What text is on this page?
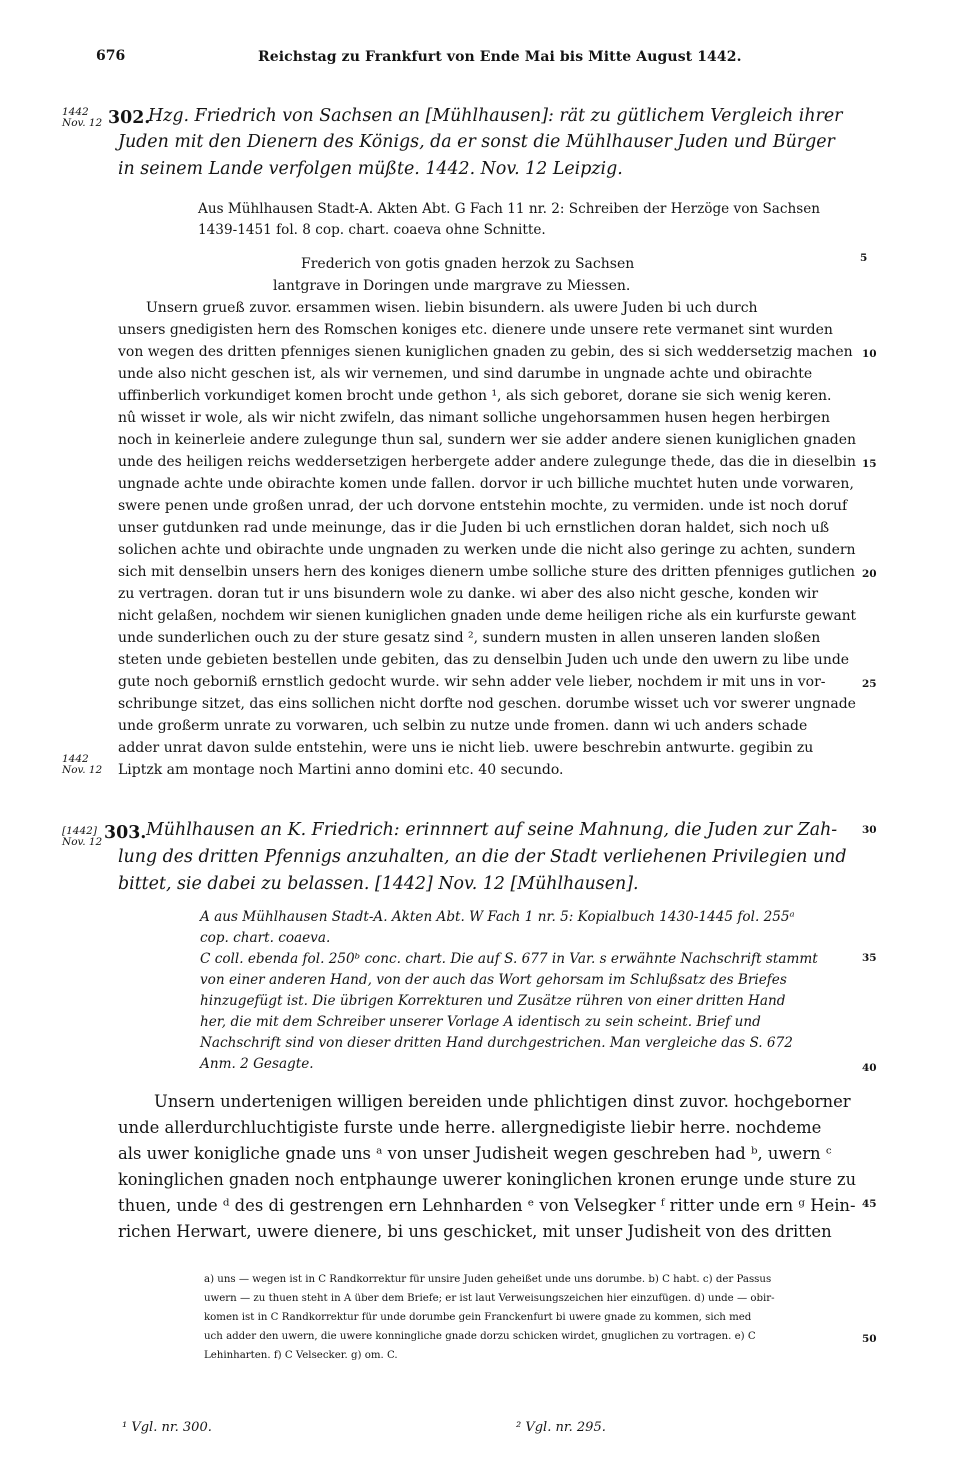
676	Reichstag zu Frankfurt von Ende Mai bis Mitte August 1442.
1442
Nov. 12 302.
Hzg. Friedrich von Sachsen an [Mühlhausen]: rät zu gütlichem Vergleich ihrer
Juden mit den Dienern des Königs, da er sonst die Mühlhauser Juden und Bürger
in seinem Lande verfolgen müßte. 1442. Nov. 12 Leipzig.
Aus Mühlhausen Stadt-A. Akten Abt. G Fach 11 nr. 2: Schreiben der Herzöge von Sachsen
1439-1451 fol. 8 cop. chart. coaeva ohne Schnitte.
Frederich von gotis gnaden herzok zu Sachsen
lantgrave in Doringen unde margrave zu Miessen.
Unsern grueß zuvor. ersammen wisen. liebin bisundern. als uwere Juden bi uch durch
unsers gnedigisten hern des Romschen koniges etc. dienere unde unsere rete vermanet sint wurden
von wegen des dritten pfenniges sienen kuniglichen gnaden zu gebin, des si sich weddersetzig machen
unde also nicht geschen ist, als wir vernemen, und sind darumbe in ungnade achte und obirachte
uffinberlich vorkundiget komen brocht unde gethon ¹, als sich geboret, dorane sie sich wenig keren.
nû wisset ir wole, als wir nicht zwifeln, das nimant solliche ungehorsammen husen hegen herbirgen
noch in keinerleie andere zulegunge thun sal, sundern wer sie adder andere sienen kuniglichen gnaden
unde des heiligen reichs weddersetzigen herbergete adder andere zulegunge thede, das die in dieselbin
ungnade achte unde obirachte komen unde fallen. dorvor ir uch billiche muchtet huten unde vorwaren,
swere penen unde großen unrad, der uch dorvone entstehin mochte, zu vermiden. unde ist noch doruf
unser gutdunken rad unde meinunge, das ir die Juden bi uch ernstlichen doran haldet, sich noch uß
solichen achte und obirachte unde ungnaden zu werken unde die nicht also geringe zu achten, sundern
sich mit denselbin unsers hern des koniges dienern umbe solliche sture des dritten pfenniges gutlichen
zu vertragen. doran tut ir uns bisundern wole zu danke. wi aber des also nicht gesche, konden wir
nicht gelaßen, nochdem wir sienen kuniglichen gnaden unde deme heiligen riche als ein kurfurste gewant
unde sunderlichen ouch zu der sture gesatz sind ², sundern musten in allen unseren landen sloßen
steten unde gebieten bestellen unde gebiten, das zu denselbin Juden uch unde den uwern zu libe unde
gute noch geborniß ernstlich gedocht wurde. wir sehn adder vele lieber, nochdem ir mit uns in vor-
schribunge sitzet, das eins sollichen nicht dorfte nod geschen. dorumbe wisset uch vor swerer ungnade
unde großerm unrate zu vorwaren, uch selbin zu nutze unde fromen. dann wi uch anders schade
adder unrat davon sulde entstehin, were uns ie nicht lieb. uwere beschrebin antwurte. gegibin zu
Liptzk am montage noch Martini anno domini etc. 40 secundo.
1442
Nov. 12
[1442]
Nov. 12 303. Mühlhausen an K. Friedrich: erinnnert auf seine Mahnung, die Juden zur Zah-
lung des dritten Pfennigs anzuhalten, an die der Stadt verliehenen Privilegien und
bittet, sie dabei zu belassen. [1442] Nov. 12 [Mühlhausen].
A aus Mühlhausen Stadt-A. Akten Abt. W Fach 1 nr. 5: Kopialbuch 1430-1445 fol. 255ᵃ
cop. chart. coaeva.
C coll. ebenda fol. 250ᵇ conc. chart. Die auf S. 677 in Var. s erwähnte Nachschrift stammt
von einer anderen Hand, von der auch das Wort gehorsam im Schlußsatz des Briefes
hinzugefügt ist. Die übrigen Korrekturen und Zusätze rühren von einer dritten Hand
her, die mit dem Schreiber unserer Vorlage A identisch zu sein scheint. Brief und
Nachschrift sind von dieser dritten Hand durchgestrichen. Man vergleiche das S. 672
Anm. 2 Gesagte.
Unsern undertenigen willigen bereiden unde phlichtigen dinst zuvor. hochgeborner
unde allerdurchluchtigiste furste unde herre. allergnedigiste liebir herre. nochdeme
als uwer konigliche gnade uns ᵃ von unser Judisheit wegen geschreben had ᵇ, uwern ᶜ
koninglichen gnaden noch entphaunge uwerer koninglichen kronen erunge unde sture zu
thuen, unde ᵈ des di gestrengen ern Lehnharden ᵉ von Velsegker ᶠ ritter unde ern ᵍ Hein-
richen Herwart, uwere dienere, bi uns geschicket, mit unser Judisheit von des dritten
a) uns — wegen ist in C Randkorrektur für unsire Juden geheißet unde uns dorumbe. b) C habt. c) der Passus
uwern — zu thuen steht in A über dem Briefe; er ist laut Verweisungszeichen hier einzufügen. d) unde — obir-
komen ist in C Randkorrektur für unde dorumbe gein Franckenfurt bi uwere gnade zu kommen, sich med
uch adder den uwern, die uwere konningliche gnade dorzu schicken wirdet, gnuglichen zu vortragen. e) C
Lehinharten. f) C Velsecker. g) om. C.
5
10
15
20
25
30
35
40
45
50
¹ Vgl. nr. 300.	² Vgl. nr. 295.
